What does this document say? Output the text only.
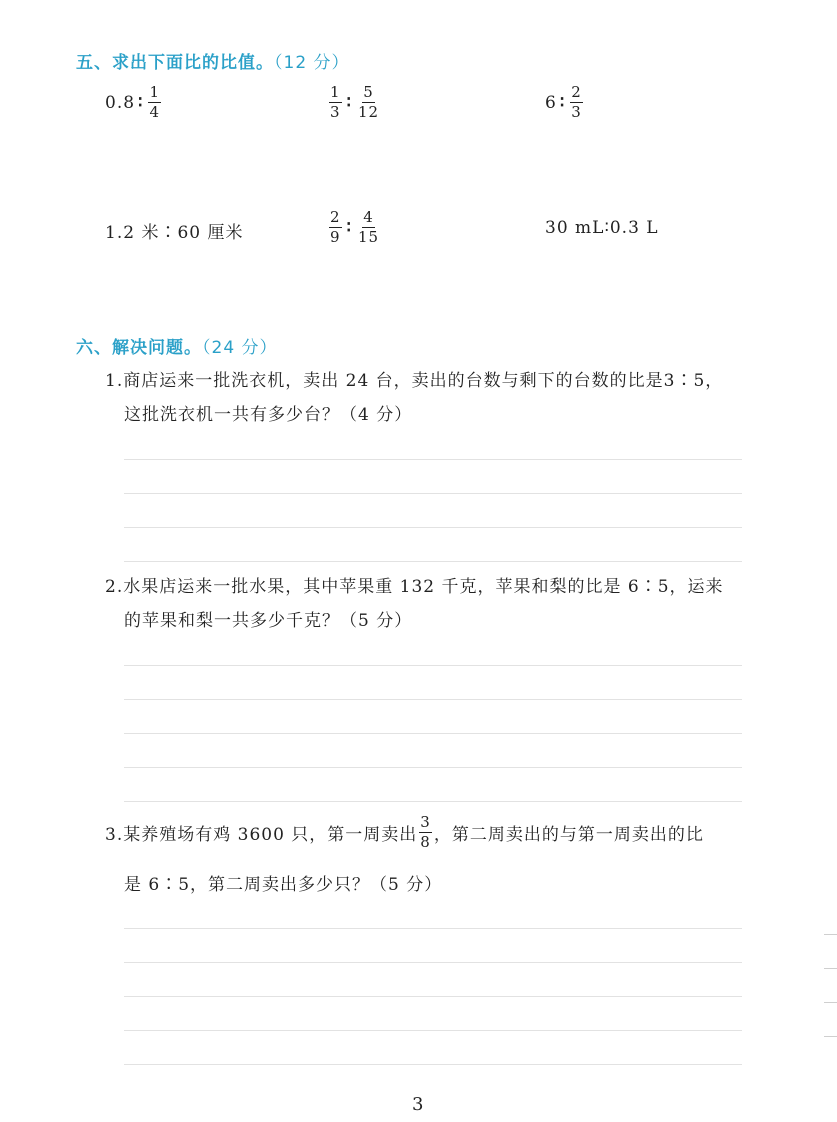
五、求出下面比的比值。（12 分）
0.8 ∶ $\frac{1}{4}$	$\frac{1}{3}$ ∶ $\frac{5}{12}$	6 ∶ $\frac{2}{3}$
1.2 米∶60 厘米	$\frac{2}{9}$ ∶ $\frac{4}{15}$	30 mL∶0.3 L
六、解决问题。（24 分）
1.商店运来一批洗衣机，卖出 24 台，卖出的台数与剩下的台数的比是3∶5，
这批洗衣机一共有多少台？（4 分）
2.水果店运来一批水果，其中苹果重 132 千克，苹果和梨的比是 6∶5，运来
的苹果和梨一共多少千克？（5 分）
3.某养殖场有鸡 3600 只，第一周卖出 $\frac{3}{8}$ ，第二周卖出的与第一周卖出的比
是 6∶5，第二周卖出多少只？（5 分）
3
